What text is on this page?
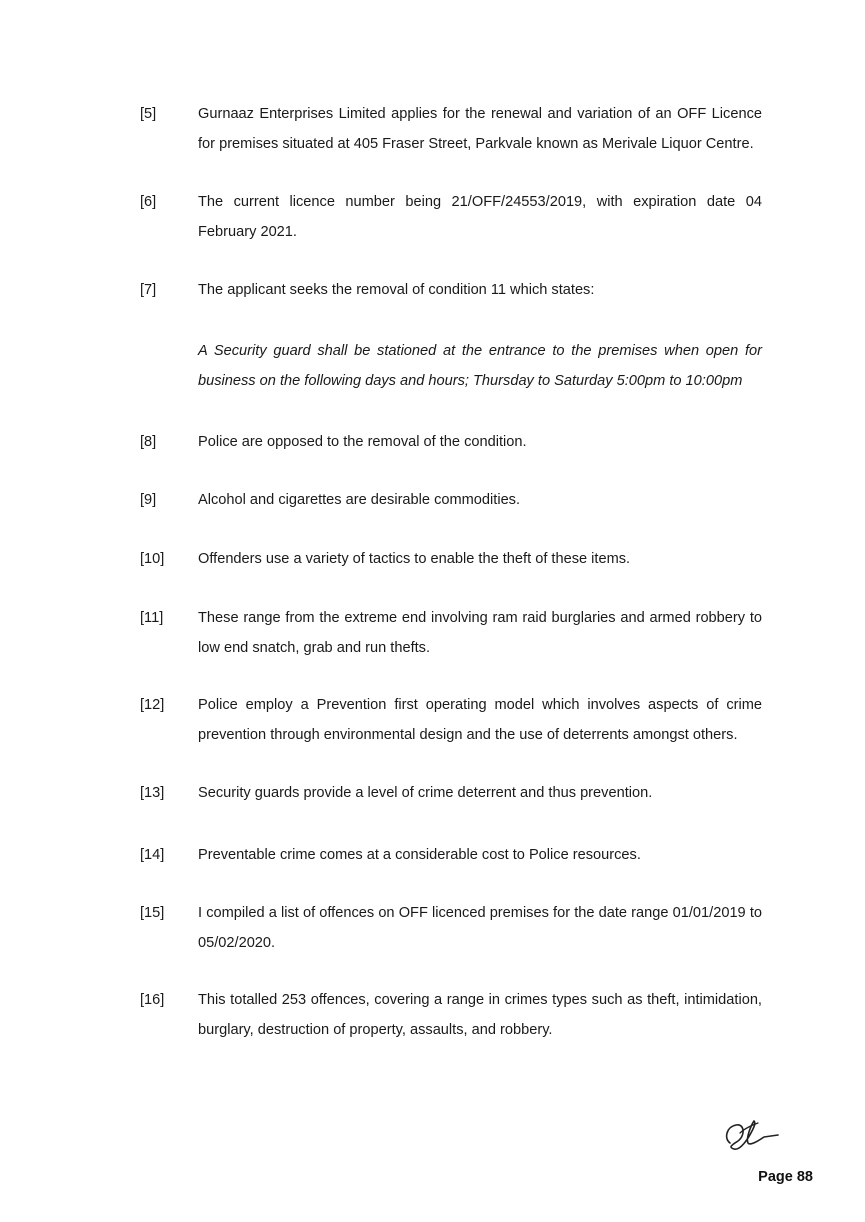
[5]	Gurnaaz Enterprises Limited applies for the renewal and variation of an OFF Licence for premises situated at 405 Fraser Street, Parkvale known as Merivale Liquor Centre.
[6]	The current licence number being 21/OFF/24553/2019, with expiration date 04 February 2021.
[7]	The applicant seeks the removal of condition 11 which states:
A Security guard shall be stationed at the entrance to the premises when open for business on the following days and hours; Thursday to Saturday 5:00pm to 10:00pm
[8]	Police are opposed to the removal of the condition.
[9]	Alcohol and cigarettes are desirable commodities.
[10]	Offenders use a variety of tactics to enable the theft of these items.
[11]	These range from the extreme end involving ram raid burglaries and armed robbery to low end snatch, grab and run thefts.
[12]	Police employ a Prevention first operating model which involves aspects of crime prevention through environmental design and the use of deterrents amongst others.
[13]	Security guards provide a level of crime deterrent and thus prevention.
[14]	Preventable crime comes at a considerable cost to Police resources.
[15]	I compiled a list of offences on OFF licenced premises for the date range 01/01/2019 to 05/02/2020.
[16]	This totalled 253 offences, covering a range in crimes types such as theft, intimidation, burglary, destruction of property, assaults, and robbery.
Page 88
